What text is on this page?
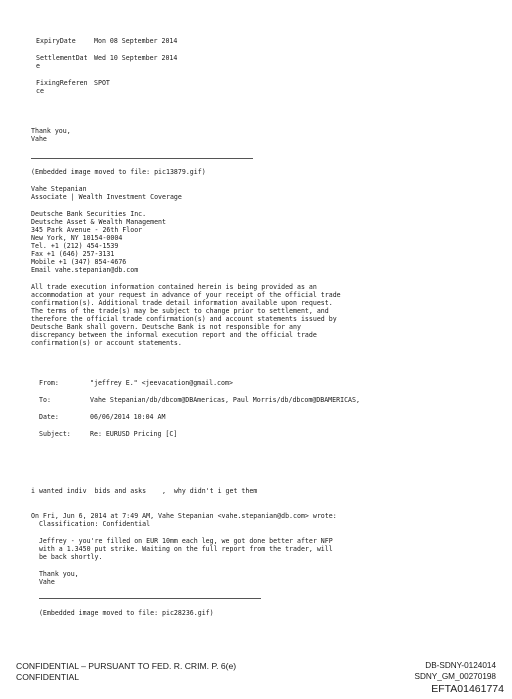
ExpiryDate	Mon 08 September 2014
SettlementDat Wed 10 September 2014
e
FixingReferen SPOT
ce
Thank you,
Vahe
(Embedded image moved to file: pic13879.gif)
Vahe Stepanian
Associate | Wealth Investment Coverage
Deutsche Bank Securities Inc.
Deutsche Asset & Wealth Management
345 Park Avenue - 26th Floor
New York, NY 10154-0004
Tel. +1 (212) 454-1539
Fax +1 (646) 257-3131
Mobile +1 (347) 854-4676
Email vahe.stepanian@db.com
All trade execution information contained herein is being provided as an
accommodation at your request in advance of your receipt of the official trade
confirmation(s). Additional trade detail information available upon request.
The terms of the trade(s) may be subject to change prior to settlement, and
therefore the official trade confirmation(s) and account statements issued by
Deutsche Bank shall govern. Deutsche Bank is not responsible for any
discrepancy between the informal execution report and the official trade
confirmation(s) or account statements.
From:	"jeffrey E." <jeevacation@gmail.com>
To:	Vahe Stepanian/db/dbcom@DBAmericas, Paul Morris/db/dbcom@DBAMERICAS,
Date:	06/06/2014 10:04 AM
Subject:	Re: EURUSD Pricing [C]
i wanted indiv  bids and asks    ,  why didn't i get them
On Fri, Jun 6, 2014 at 7:49 AM, Vahe Stepanian <vahe.stepanian@db.com> wrote:
Classification: Confidential
Jeffrey - you're filled on EUR 10mm each leg, we got done better after NFP
with a 1.3450 put strike. Waiting on the full report from the trader, will
be back shortly.
Thank you,
Vahe
(Embedded image moved to file: pic28236.gif)
CONFIDENTIAL – PURSUANT TO FED. R. CRIM. P. 6(e)
CONFIDENTIAL
DB-SDNY-0124014
SDNY_GM_00270198
EFTA01461774
